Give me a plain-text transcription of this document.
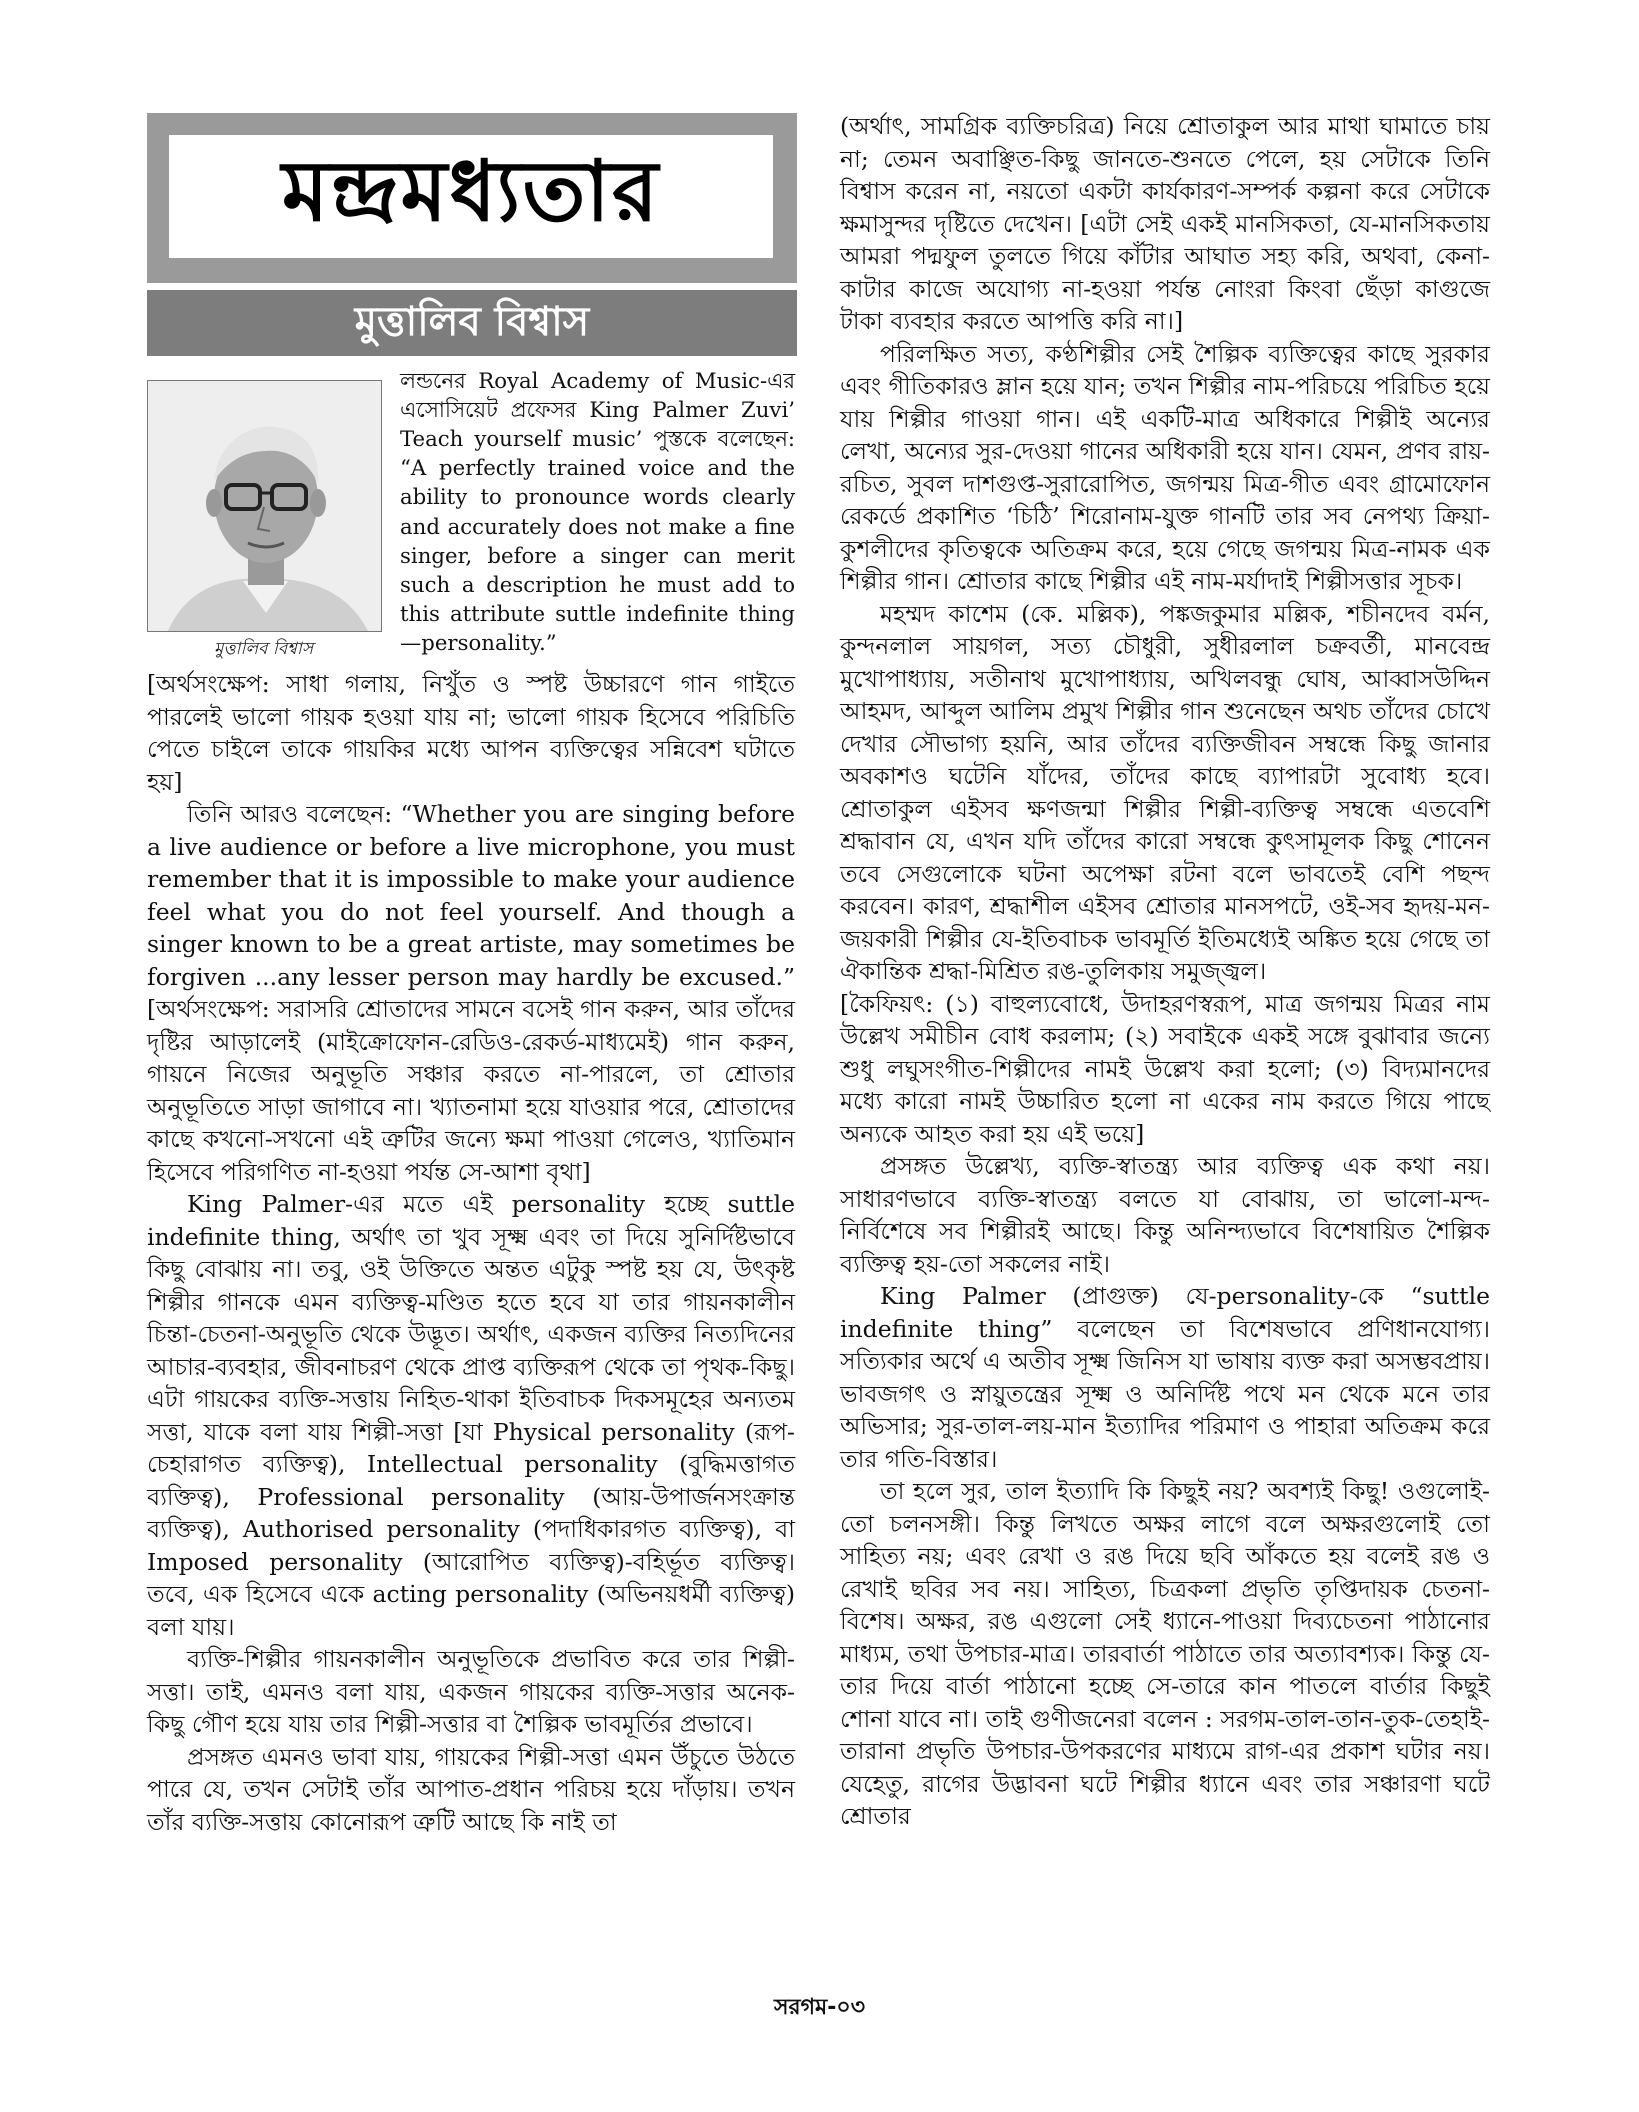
মন্দ্রমধ্যতার
মুত্তালিব বিশ্বাস
মুত্তালিব বিশ্বাস

লন্ডনের Royal Academy of Music-এর এসোসিয়েট প্রফেসর King Palmer Zuvi’ Teach yourself music’ পুস্তকে বলেছেন: “A perfectly trained voice and the ability to pronounce words clearly and accurately does not make a fine singer, before a singer can merit such a description he must add to this attribute suttle indefinite thing—personality.”

[অর্থসংক্ষেপ: সাধা গলায়, নিখুঁত ও স্পষ্ট উচ্চারণে গান গাইতে পারলেই ভালো গায়ক হওয়া যায় না; ভালো গায়ক হিসেবে পরিচিতি পেতে চাইলে তাকে গায়কির মধ্যে আপন ব্যক্তিত্বের সন্নিবেশ ঘটাতে হয়]

তিনি আরও বলেছেন: “Whether you are singing before a live audience or before a live microphone, you must remember that it is impossible to make your audience feel what you do not feel yourself. And though a singer known to be a great artiste, may sometimes be forgiven ...any lesser person may hardly be excused.” [অর্থসংক্ষেপ: সরাসরি শ্রোতাদের সামনে বসেই গান করুন, আর তাঁদের দৃষ্টির আড়ালেই (মাইক্রোফোন-রেডিও-রেকর্ড-মাধ্যমেই) গান করুন, গায়নে নিজের অনুভূতি সঞ্চার করতে না-পারলে, তা শ্রোতার অনুভূতিতে সাড়া জাগাবে না। খ্যাতনামা হয়ে যাওয়ার পরে, শ্রোতাদের কাছে কখনো-সখনো এই ত্রুটির জন্যে ক্ষমা পাওয়া গেলেও, খ্যাতিমান হিসেবে পরিগণিত না-হওয়া পর্যন্ত সে-আশা বৃথা]

King Palmer-এর মতে এই personality হচ্ছে suttle indefinite thing, অর্থাৎ তা খুব সূক্ষ্ম এবং তা দিয়ে সুনির্দিষ্টভাবে কিছু বোঝায় না। তবু, ওই উক্তিতে অন্তত এটুকু স্পষ্ট হয় যে, উৎকৃষ্ট শিল্পীর গানকে এমন ব্যক্তিত্ব-মণ্ডিত হতে হবে যা তার গায়নকালীন চিন্তা-চেতনা-অনুভূতি থেকে উদ্ভূত। অর্থাৎ, একজন ব্যক্তির নিত্যদিনের আচার-ব্যবহার, জীবনাচরণ থেকে প্রাপ্ত ব্যক্তিরূপ থেকে তা পৃথক-কিছু। এটা গায়কের ব্যক্তি-সত্তায় নিহিত-থাকা ইতিবাচক দিকসমূহের অন্যতম সত্তা, যাকে বলা যায় শিল্পী-সত্তা [যা Physical personality (রূপ-চেহারাগত ব্যক্তিত্ব), Intellectual personality (বুদ্ধিমত্তাগত ব্যক্তিত্ব), Professional personality (আয়-উপার্জনসংক্রান্ত ব্যক্তিত্ব), Authorised personality (পদাধিকারগত ব্যক্তিত্ব), বা Imposed personality (আরোপিত ব্যক্তিত্ব)-বহির্ভূত ব্যক্তিত্ব। তবে, এক হিসেবে একে acting personality (অভিনয়ধর্মী ব্যক্তিত্ব) বলা যায়।

ব্যক্তি-শিল্পীর গায়নকালীন অনুভূতিকে প্রভাবিত করে তার শিল্পী-সত্তা। তাই, এমনও বলা যায়, একজন গায়কের ব্যক্তি-সত্তার অনেক-কিছু গৌণ হয়ে যায় তার শিল্পী-সত্তার বা শৈল্পিক ভাবমূর্তির প্রভাবে।

প্রসঙ্গত এমনও ভাবা যায়, গায়কের শিল্পী-সত্তা এমন উঁচুতে উঠতে পারে যে, তখন সেটাই তাঁর আপাত-প্রধান পরিচয় হয়ে দাঁড়ায়। তখন তাঁর ব্যক্তি-সত্তায় কোনোরূপ ত্রুটি আছে কি নাই তা

(অর্থাৎ, সামগ্রিক ব্যক্তিচরিত্র) নিয়ে শ্রোতাকুল আর মাথা ঘামাতে চায় না; তেমন অবাঞ্ছিত-কিছু জানতে-শুনতে পেলে, হয় সেটাকে তিনি বিশ্বাস করেন না, নয়তো একটা কার্যকারণ-সম্পর্ক কল্পনা করে সেটাকে ক্ষমাসুন্দর দৃষ্টিতে দেখেন। [এটা সেই একই মানসিকতা, যে-মানসিকতায় আমরা পদ্মফুল তুলতে গিয়ে কাঁটার আঘাত সহ্য করি, অথবা, কেনা-কাটার কাজে অযোগ্য না-হওয়া পর্যন্ত নোংরা কিংবা ছেঁড়া কাগুজে টাকা ব্যবহার করতে আপত্তি করি না।]

পরিলক্ষিত সত্য, কণ্ঠশিল্পীর সেই শৈল্পিক ব্যক্তিত্বের কাছে সুরকার এবং গীতিকারও ম্লান হয়ে যান; তখন শিল্পীর নাম-পরিচয়ে পরিচিত হয়ে যায় শিল্পীর গাওয়া গান। এই একটি-মাত্র অধিকারে শিল্পীই অন্যের লেখা, অন্যের সুর-দেওয়া গানের অধিকারী হয়ে যান। যেমন, প্রণব রায়-রচিত, সুবল দাশগুপ্ত-সুরারোপিত, জগন্ময় মিত্র-গীত এবং গ্রামোফোন রেকর্ডে প্রকাশিত ‘চিঠি’ শিরোনাম-যুক্ত গানটি তার সব নেপথ্য ক্রিয়া-কুশলীদের কৃতিত্বকে অতিক্রম করে, হয়ে গেছে জগন্ময় মিত্র-নামক এক শিল্পীর গান। শ্রোতার কাছে শিল্পীর এই নাম-মর্যাদাই শিল্পীসত্তার সূচক।

মহম্মদ কাশেম (কে. মল্লিক), পঙ্কজকুমার মল্লিক, শচীনদেব বর্মন, কুন্দনলাল সায়গল, সত্য চৌধুরী, সুধীরলাল চক্রবর্তী, মানবেন্দ্র মুখোপাধ্যায়, সতীনাথ মুখোপাধ্যায়, অখিলবন্ধু ঘোষ, আব্বাসউদ্দিন আহমদ, আব্দুল আলিম প্রমুখ শিল্পীর গান শুনেছেন অথচ তাঁদের চোখে দেখার সৌভাগ্য হয়নি, আর তাঁদের ব্যক্তিজীবন সম্বন্ধে কিছু জানার অবকাশও ঘটেনি যাঁদের, তাঁদের কাছে ব্যাপারটা সুবোধ্য হবে। শ্রোতাকুল এইসব ক্ষণজন্মা শিল্পীর শিল্পী-ব্যক্তিত্ব সম্বন্ধে এতবেশি শ্রদ্ধাবান যে, এখন যদি তাঁদের কারো সম্বন্ধে কুৎসামূলক কিছু শোনেন তবে সেগুলোকে ঘটনা অপেক্ষা রটনা বলে ভাবতেই বেশি পছন্দ করবেন। কারণ, শ্রদ্ধাশীল এইসব শ্রোতার মানসপটে, ওই-সব হৃদয়-মন-জয়কারী শিল্পীর যে-ইতিবাচক ভাবমূর্তি ইতিমধ্যেই অঙ্কিত হয়ে গেছে তা ঐকান্তিক শ্রদ্ধা-মিশ্রিত রঙ-তুলিকায় সমুজ্জ্বল।

[কৈফিয়ৎ: (১) বাহুল্যবোধে, উদাহরণস্বরূপ, মাত্র জগন্ময় মিত্রর নাম উল্লেখ সমীচীন বোধ করলাম; (২) সবাইকে একই সঙ্গে বুঝাবার জন্যে শুধু লঘুসংগীত-শিল্পীদের নামই উল্লেখ করা হলো; (৩) বিদ্যমানদের মধ্যে কারো নামই উচ্চারিত হলো না একের নাম করতে গিয়ে পাছে অন্যকে আহত করা হয় এই ভয়ে]

প্রসঙ্গত উল্লেখ্য, ব্যক্তি-স্বাতন্ত্র্য আর ব্যক্তিত্ব এক কথা নয়। সাধারণভাবে ব্যক্তি-স্বাতন্ত্র্য বলতে যা বোঝায়, তা ভালো-মন্দ-নির্বিশেষে সব শিল্পীরই আছে। কিন্তু অনিন্দ্যভাবে বিশেষায়িত শৈল্পিক ব্যক্তিত্ব হয়-তো সকলের নাই।

King Palmer (প্রাগুক্ত) যে-personality-কে “suttle indefinite thing” বলেছেন তা বিশেষভাবে প্রণিধানযোগ্য। সত্যিকার অর্থে এ অতীব সূক্ষ্ম জিনিস যা ভাষায় ব্যক্ত করা অসম্ভবপ্রায়। ভাবজগৎ ও স্নায়ুতন্ত্রের সূক্ষ্ম ও অনির্দিষ্ট পথে মন থেকে মনে তার অভিসার; সুর-তাল-লয়-মান ইত্যাদির পরিমাণ ও পাহারা অতিক্রম করে তার গতি-বিস্তার।

তা হলে সুর, তাল ইত্যাদি কি কিছুই নয়? অবশ্যই কিছু! ওগুলোই-তো চলনসঙ্গী। কিন্তু লিখতে অক্ষর লাগে বলে অক্ষরগুলোই তো সাহিত্য নয়; এবং রেখা ও রঙ দিয়ে ছবি আঁকতে হয় বলেই রঙ ও রেখাই ছবির সব নয়। সাহিত্য, চিত্রকলা প্রভৃতি তৃপ্তিদায়ক চেতনা-বিশেষ। অক্ষর, রঙ এগুলো সেই ধ্যানে-পাওয়া দিব্যচেতনা পাঠানোর মাধ্যম, তথা উপচার-মাত্র। তারবার্তা পাঠাতে তার অত্যাবশ্যক। কিন্তু যে-তার দিয়ে বার্তা পাঠানো হচ্ছে সে-তারে কান পাতলে বার্তার কিছুই শোনা যাবে না। তাই গুণীজনেরা বলেন : সরগম-তাল-তান-তুক-তেহাই-তারানা প্রভৃতি উপচার-উপকরণের মাধ্যমে রাগ-এর প্রকাশ ঘটার নয়। যেহেতু, রাগের উদ্ভাবনা ঘটে শিল্পীর ধ্যানে এবং তার সঞ্চারণা ঘটে শ্রোতার

সরগম-০৩
